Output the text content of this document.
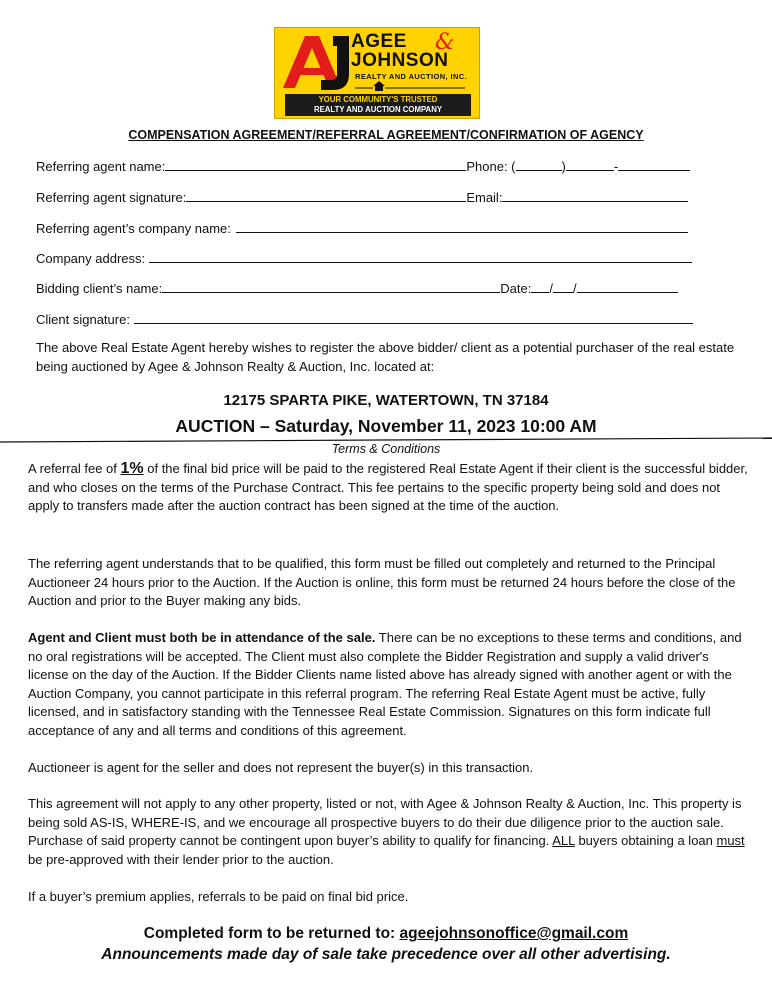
AGEE
JOHNSON
&
REALTY AND AUCTION, INC.
YOUR COMMUNITY'S TRUSTED
REALTY AND AUCTION COMPANY
COMPENSATION AGREEMENT/REFERRAL AGREEMENT/CONFIRMATION OF AGENCY
Referring agent name:	Phone: (	)	-
Referring agent signature:	Email:
Referring agent’s company name:
Company address:
Bidding client’s name:	Date: / /
Client signature:
The above Real Estate Agent hereby wishes to register the above bidder/ client as a potential purchaser of the real estate being auctioned by Agee & Johnson Realty & Auction, Inc. located at:
12175 SPARTA PIKE, WATERTOWN, TN 37184
AUCTION – Saturday, November 11, 2023 10:00 AM
Terms & Conditions
A referral fee of 1% of the final bid price will be paid to the registered Real Estate Agent if their client is the successful bidder, and who closes on the terms of the Purchase Contract. This fee pertains to the specific property being sold and does not apply to transfers made after the auction contract has been signed at the time of the auction.
The referring agent understands that to be qualified, this form must be filled out completely and returned to the Principal Auctioneer 24 hours prior to the Auction. If the Auction is online, this form must be returned 24 hours before the close of the Auction and prior to the Buyer making any bids.
Agent and Client must both be in attendance of the sale. There can be no exceptions to these terms and conditions, and no oral registrations will be accepted. The Client must also complete the Bidder Registration and supply a valid driver's license on the day of the Auction. If the Bidder Clients name listed above has already signed with another agent or with the Auction Company, you cannot participate in this referral program. The referring Real Estate Agent must be active, fully licensed, and in satisfactory standing with the Tennessee Real Estate Commission. Signatures on this form indicate full acceptance of any and all terms and conditions of this agreement.
Auctioneer is agent for the seller and does not represent the buyer(s) in this transaction.
This agreement will not apply to any other property, listed or not, with Agee & Johnson Realty & Auction, Inc. This property is being sold AS-IS, WHERE-IS, and we encourage all prospective buyers to do their due diligence prior to the auction sale. Purchase of said property cannot be contingent upon buyer’s ability to qualify for financing. ALL buyers obtaining a loan must be pre-approved with their lender prior to the auction.
If a buyer’s premium applies, referrals to be paid on final bid price.
Completed form to be returned to: ageejohnsonoffice@gmail.com
Announcements made day of sale take precedence over all other advertising.
